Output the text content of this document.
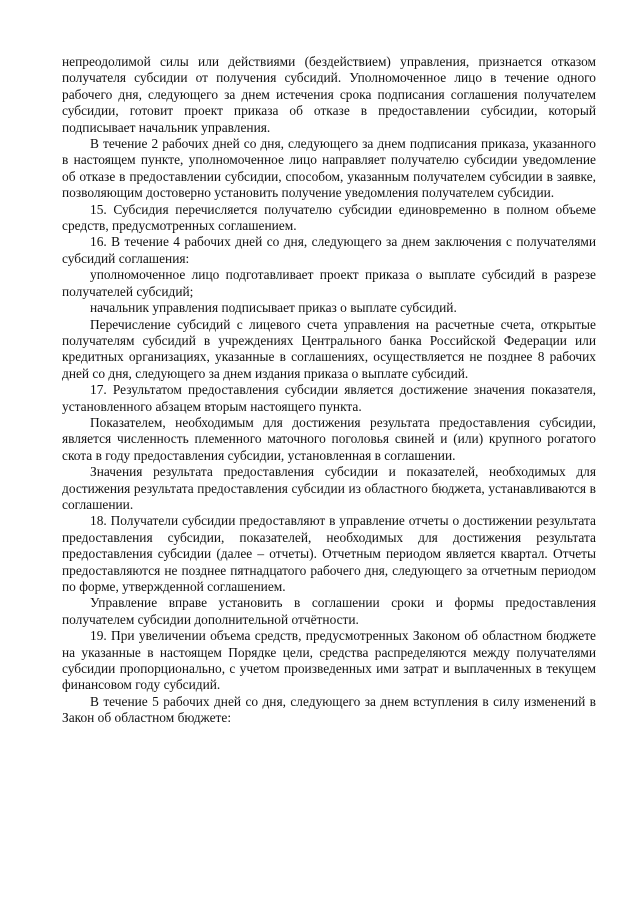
непреодолимой силы или действиями (бездействием) управления, признается отказом получателя субсидии от получения субсидий. Уполномоченное лицо в течение одного рабочего дня, следующего за днем истечения срока подписания соглашения получателем субсидии, готовит проект приказа об отказе в предоставлении субсидии, который подписывает начальник управления.

В течение 2 рабочих дней со дня, следующего за днем подписания приказа, указанного в настоящем пункте, уполномоченное лицо направляет получателю субсидии уведомление об отказе в предоставлении субсидии, способом, указанным получателем субсидии в заявке, позволяющим достоверно установить получение уведомления получателем субсидии.

15. Субсидия перечисляется получателю субсидии единовременно в полном объеме средств, предусмотренных соглашением.

16. В течение 4 рабочих дней со дня, следующего за днем заключения с получателями субсидий соглашения:

уполномоченное лицо подготавливает проект приказа о выплате субсидий в разрезе получателей субсидий;

начальник управления подписывает приказ о выплате субсидий.

Перечисление субсидий с лицевого счета управления на расчетные счета, открытые получателям субсидий в учреждениях Центрального банка Российской Федерации или кредитных организациях, указанные в соглашениях, осуществляется не позднее 8 рабочих дней со дня, следующего за днем издания приказа о выплате субсидий.

17. Результатом предоставления субсидии является достижение значения показателя, установленного абзацем вторым настоящего пункта.

Показателем, необходимым для достижения результата предоставления субсидии, является численность племенного маточного поголовья свиней и (или) крупного рогатого скота в году предоставления субсидии, установленная в соглашении.

Значения результата предоставления субсидии и показателей, необходимых для достижения результата предоставления субсидии из областного бюджета, устанавливаются в соглашении.

18. Получатели субсидии предоставляют в управление отчеты о достижении результата предоставления субсидии, показателей, необходимых для достижения результата предоставления субсидии (далее – отчеты). Отчетным периодом является квартал. Отчеты предоставляются не позднее пятнадцатого рабочего дня, следующего за отчетным периодом по форме, утвержденной соглашением.

Управление вправе установить в соглашении сроки и формы предоставления получателем субсидии дополнительной отчётности.

19. При увеличении объема средств, предусмотренных Законом об областном бюджете на указанные в настоящем Порядке цели, средства распределяются между получателями субсидии пропорционально, с учетом произведенных ими затрат и выплаченных в текущем финансовом году субсидий.

В течение 5 рабочих дней со дня, следующего за днем вступления в силу изменений в Закон об областном бюджете:
